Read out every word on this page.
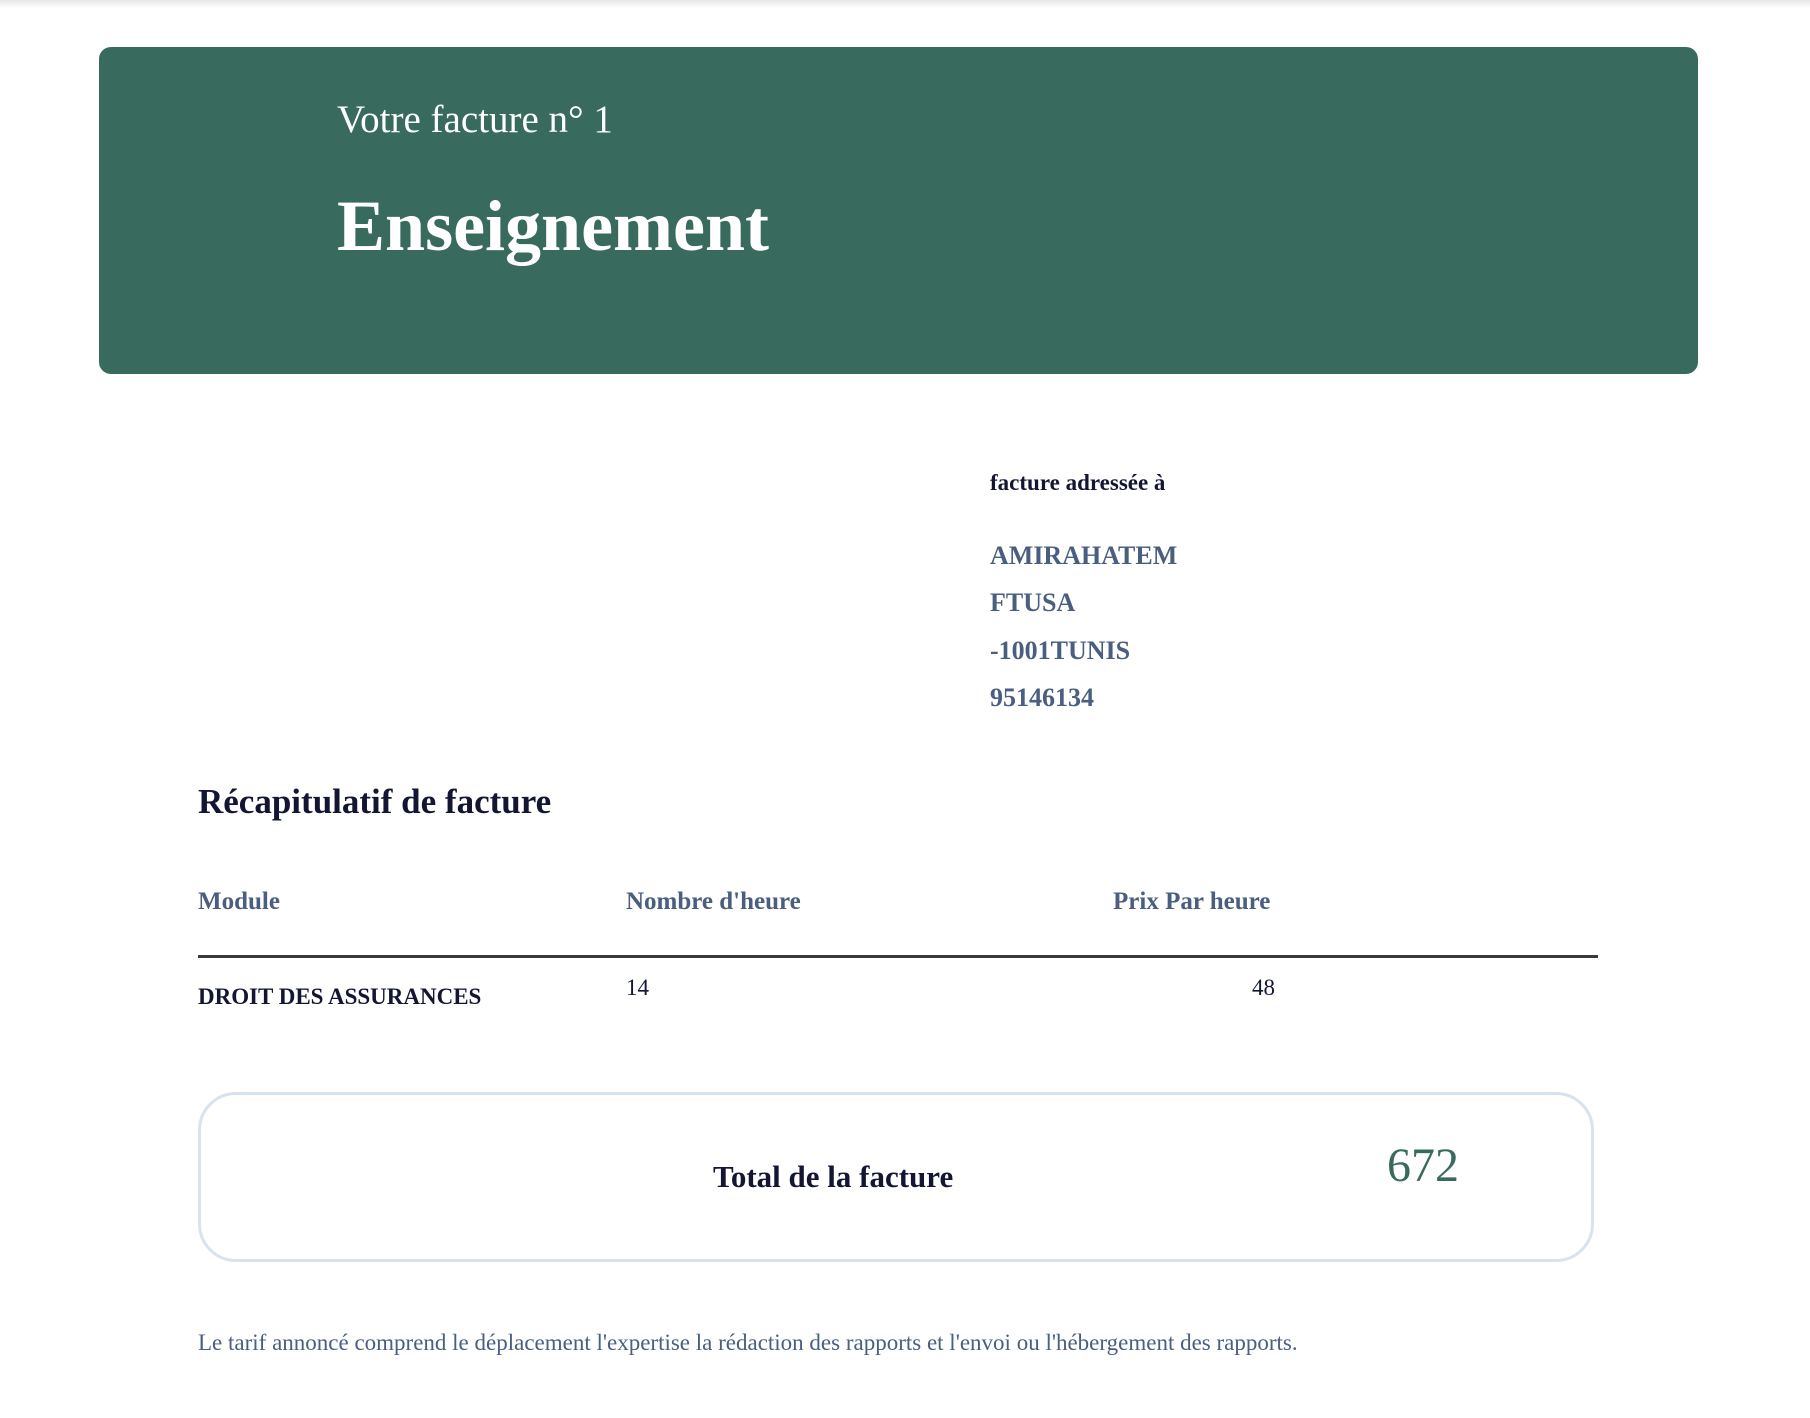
Votre facture n° 1
Enseignement
facture adressée à
AMIRAHATEM
FTUSA
-1001TUNIS
95146134
Récapitulatif de facture
Module	Nombre d'heure	Prix Par heure
DROIT DES ASSURANCES	14	48
Total de la facture	672
Le tarif annoncé comprend le déplacement l'expertise la rédaction des rapports et l'envoi ou l'hébergement des rapports.
